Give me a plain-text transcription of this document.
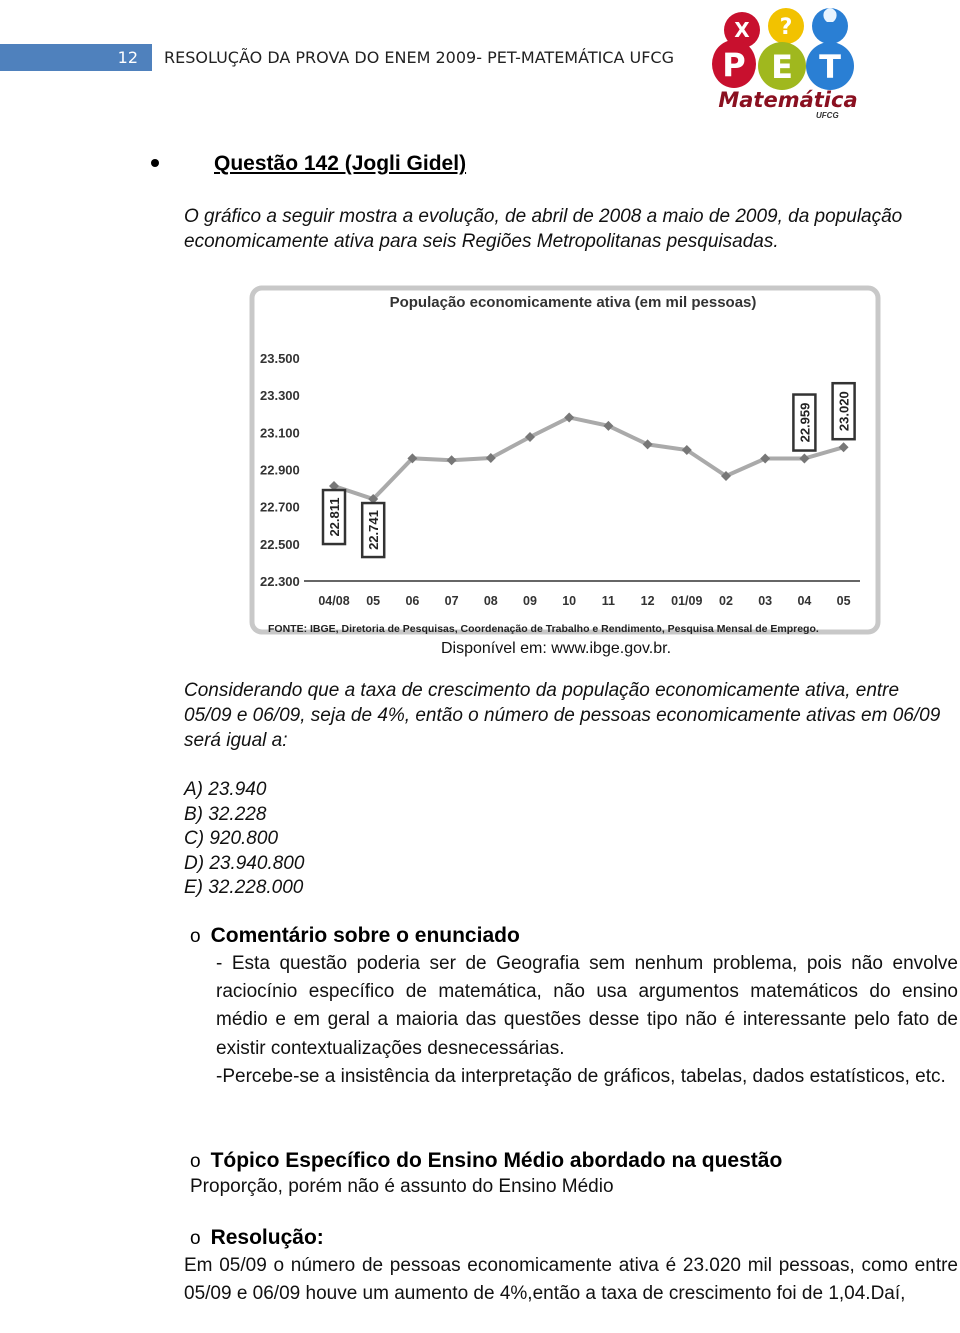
12	RESOLUÇÃO DA PROVA DO ENEM 2009- PET-MATEMÁTICA UFCG
X ?
P E T
Matemática
UFCG
Questão 142 (Jogli Gidel)
O gráfico a seguir mostra a evolução, de abril de 2008 a maio de 2009, da população economicamente ativa para seis Regiões Metropolitanas pesquisadas.
População economicamente ativa (em mil pessoas)
22.300
22.500
22.700
22.900
23.100
23.300
23.500
04/08 05 06 07 08 09 10 11 12 01/09 02 03 04 05
22.811 22.741
22.959 23.020
FONTE: IBGE, Diretoria de Pesquisas, Coordenação de Trabalho e Rendimento, Pesquisa Mensal de Emprego.
Disponível em: www.ibge.gov.br.
Considerando que a taxa de crescimento da população economicamente ativa, entre 05/09 e 06/09, seja de 4%, então o número de pessoas economicamente ativas em 06/09 será igual a:
A) 23.940
B) 32.228
C) 920.800
D) 23.940.800
E) 32.228.000
o Comentário sobre o enunciado

- Esta questão poderia ser de Geografia sem nenhum problema, pois não envolve raciocínio específico de matemática, não usa argumentos matemáticos do ensino médio e em geral a maioria das questões desse tipo não é interessante pelo fato de existir contextualizações desnecessárias.

-Percebe-se a insistência da interpretação de gráficos, tabelas, dados estatísticos, etc.

o Tópico Específico do Ensino Médio abordado na questão
Proporção, porém não é assunto do Ensino Médio
o Resolução:
Em 05/09 o número de pessoas economicamente ativa é 23.020 mil pessoas, como entre 05/09 e 06/09 houve um aumento de 4%,então a taxa de crescimento foi de 1,04.Daí,
